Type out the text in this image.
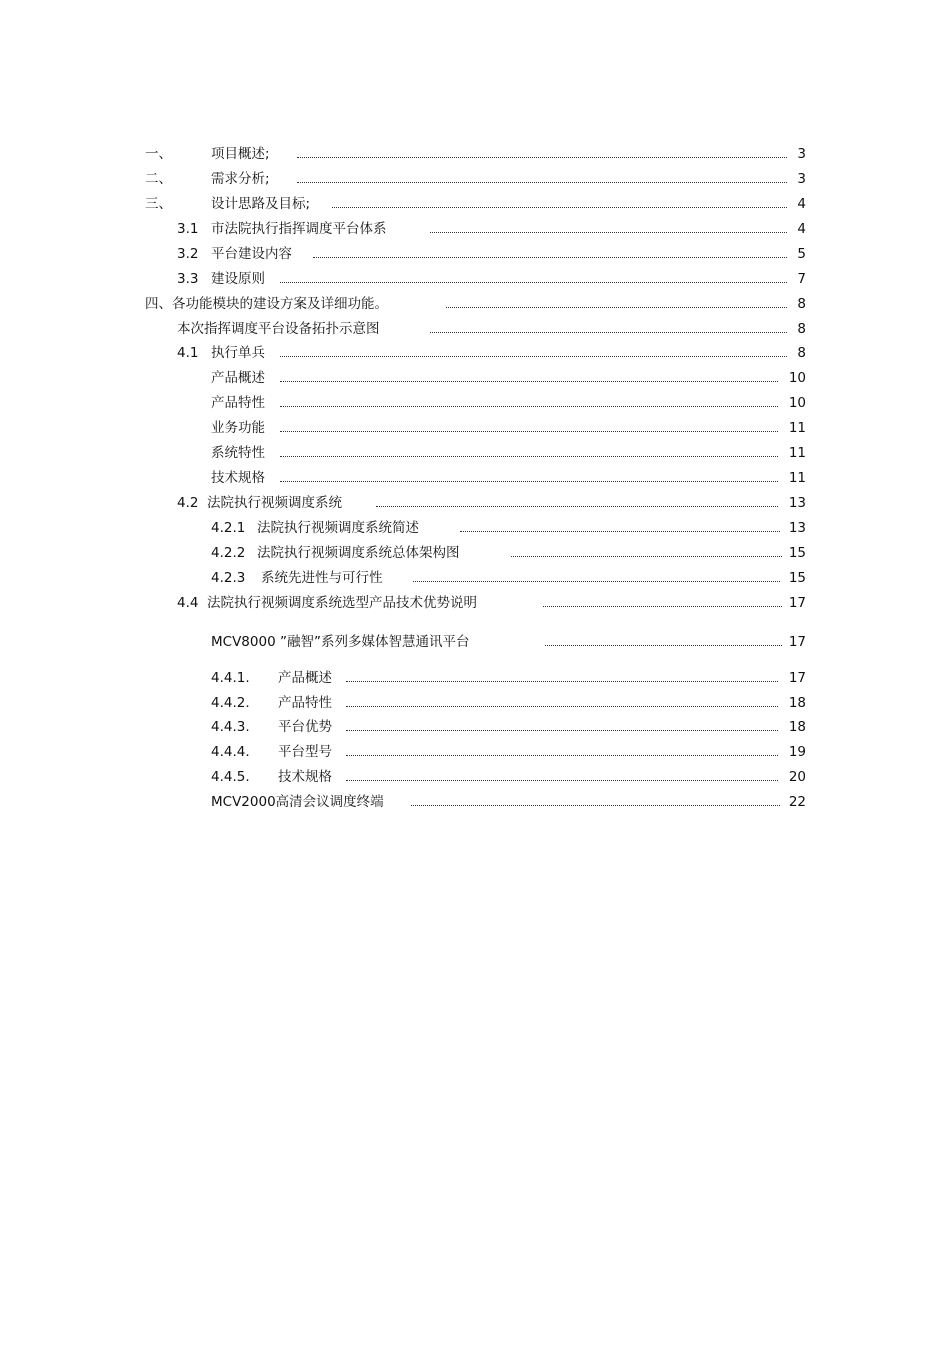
一、	项目概述;	3
二、	需求分析;	3
三、	设计思路及目标;	4
3.1 市法院执行指挥调度平台体系	4
3.2 平台建设内容	5
3.3 建设原则	7
四、各功能模块的建设方案及详细功能。	8
本次指挥调度平台设备拓扑示意图	8
4.1 执行单兵	8
产品概述	10
产品特性	10
业务功能	11
系统特性	11
技术规格	11
4.2 法院执行视频调度系统	13
4.2.1 法院执行视频调度系统简述	13
4.2.2 法院执行视频调度系统总体架构图	15
4.2.3 系统先进性与可行性	15
4.4 法院执行视频调度系统选型产品技术优势说明	17
MCV8000 ”融智”系列多媒体智慧通讯平台	17
4.4.1. 产品概述	17
4.4.2. 产品特性	18
4.4.3. 平台优势	18
4.4.4. 平台型号	19
4.4.5. 技术规格	20
MCV2000高清会议调度终端	22
